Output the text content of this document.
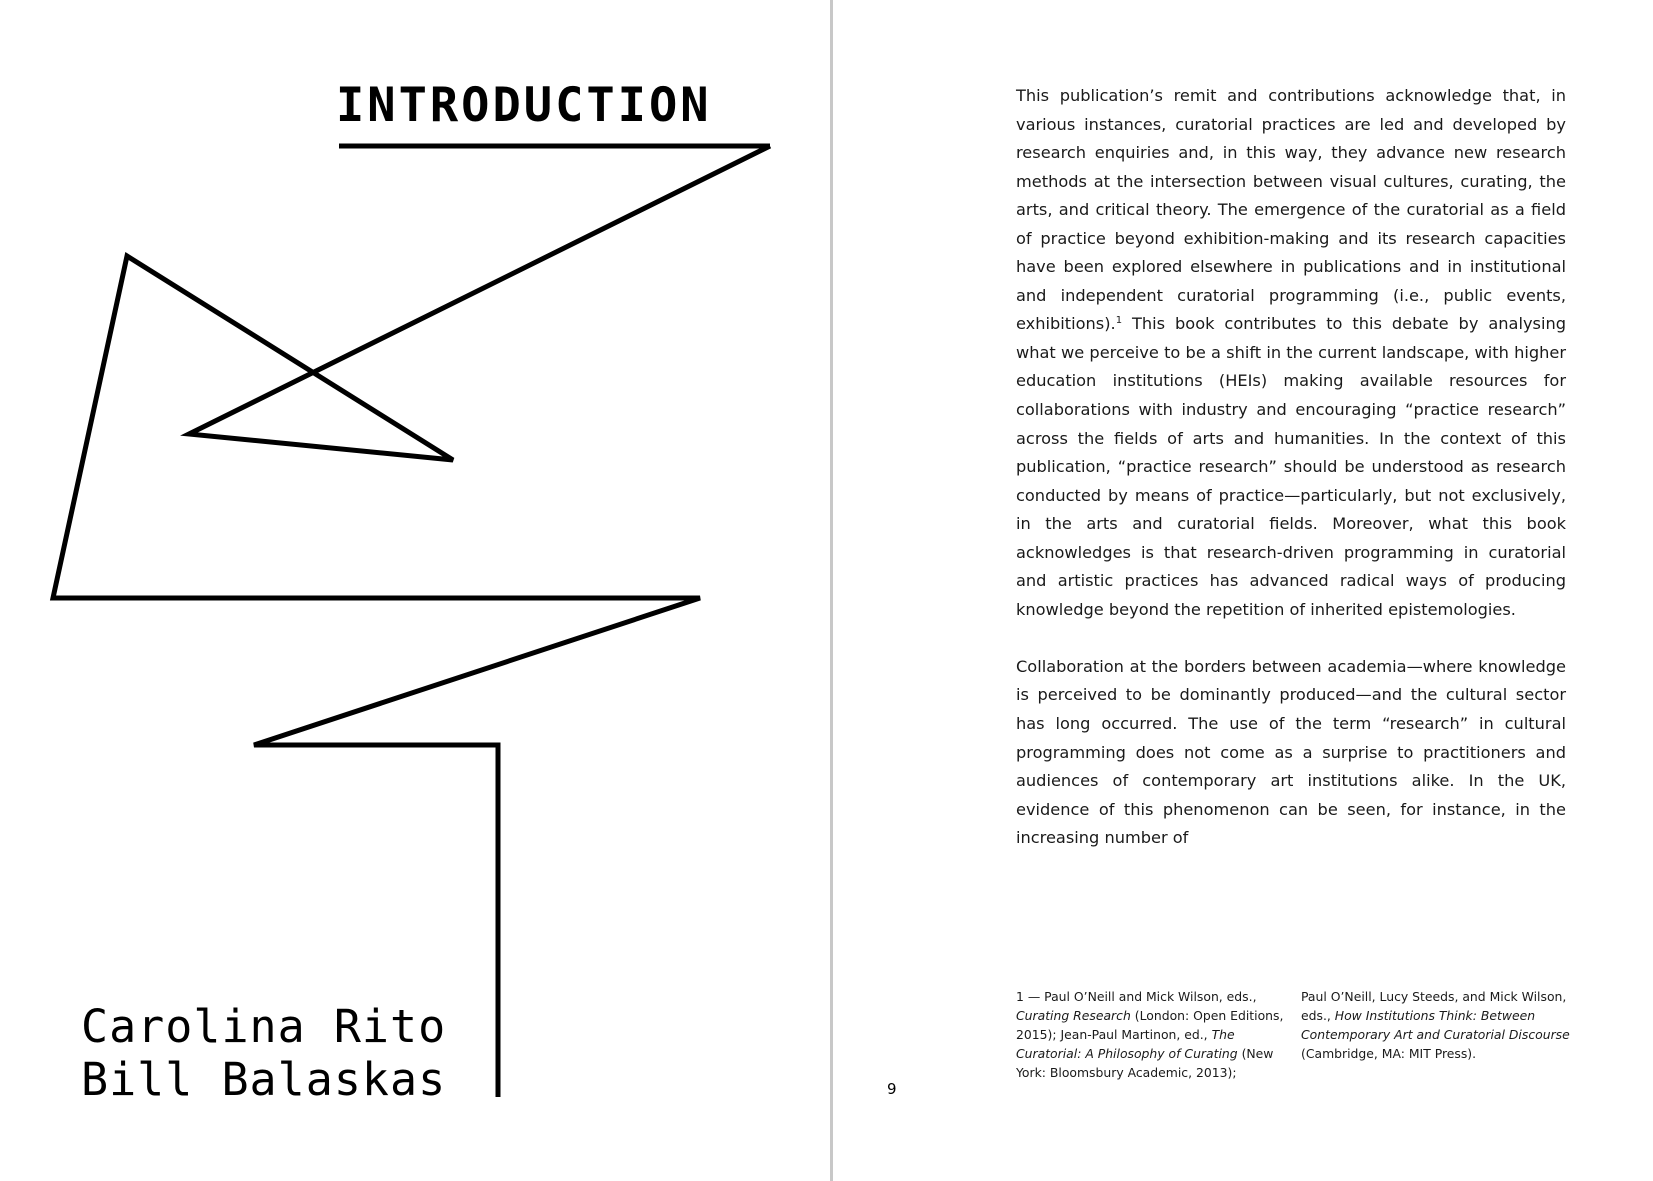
INTRODUCTION
Carolina Rito
Bill Balaskas	9

This publication’s remit and contributions acknowledge that, in various instances, curatorial practices are led and developed by research enquiries and, in this way, they advance new research methods at the intersection between visual cultures, curating, the arts, and critical theory. The emergence of the curatorial as a field of practice beyond exhibition-making and its research capacities have been explored elsewhere in publications and in institutional and independent curatorial programming (i.e., public events, exhibitions).$^1$ This book contributes to this debate by analysing what we perceive to be a shift in the current landscape, with higher education institutions (HEIs) making available resources for collaborations with industry and encouraging “practice research” across the fields of arts and humanities. In the context of this publication, “practice research” should be understood as research conducted by means of practice—particularly, but not exclusively, in the arts and curatorial fields. Moreover, what this book acknowledges is that research-driven programming in curatorial and artistic practices has advanced radical ways of producing knowledge beyond the repetition of inherited epistemologies.

Collaboration at the borders between academia—where knowledge is perceived to be dominantly produced—and the cultural sector has long occurred. The use of the term “research” in cultural programming does not come as a surprise to practitioners and audiences of contemporary art institutions alike. In the UK, evidence of this phenomenon can be seen, for instance, in the increasing number of

1 — Paul O’Neill and Mick Wilson, eds., Curating Research (London: Open Editions, 2015); Jean-Paul Martinon, ed., The Curatorial: A Philosophy of Curating (New York: Bloomsbury Academic, 2013);
Paul O’Neill, Lucy Steeds, and Mick Wilson, eds., How Institutions Think: Between Contemporary Art and Curatorial Discourse (Cambridge, MA: MIT Press).
